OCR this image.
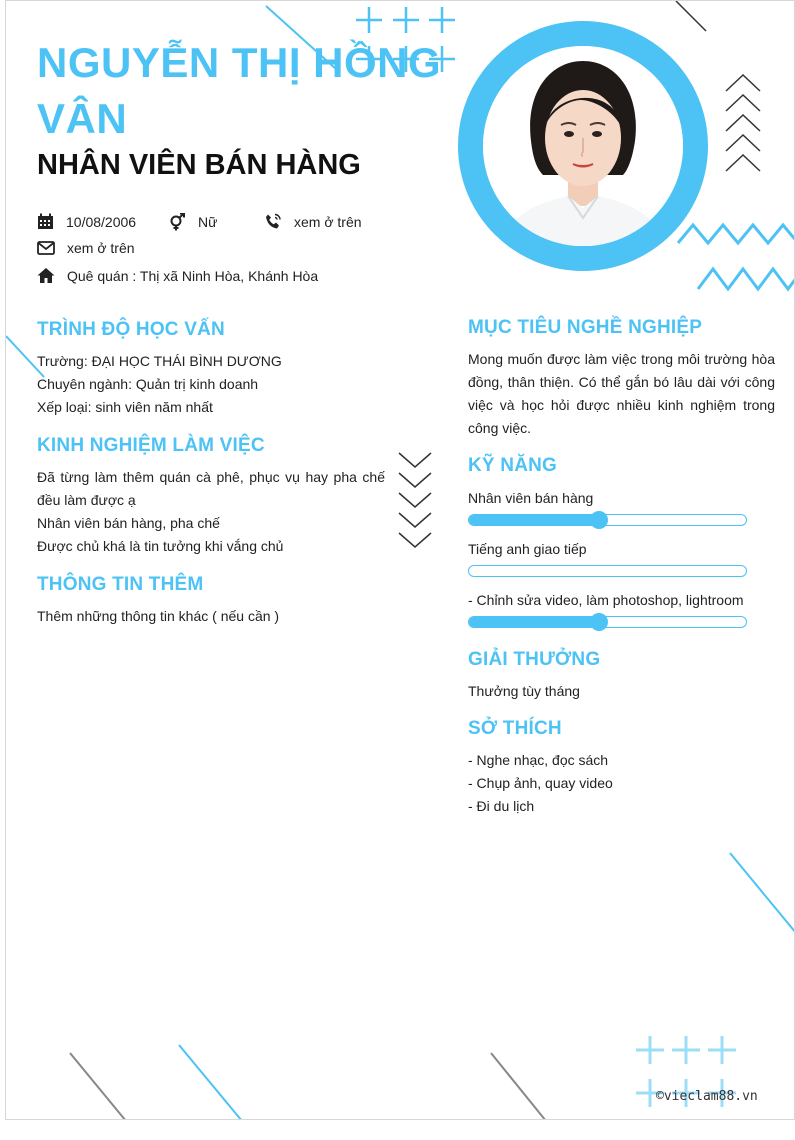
NGUYỄN THỊ HỒNG VÂN
NHÂN VIÊN BÁN HÀNG
10/08/2006	Nữ	xem ở trên
xem ở trên
Quê quán : Thị xã Ninh Hòa, Khánh Hòa
TRÌNH ĐỘ HỌC VẤN
Trường: ĐẠI HỌC THÁI BÌNH DƯƠNG
Chuyên ngành: Quản trị kinh doanh
Xếp loại: sinh viên năm nhất
KINH NGHIỆM LÀM VIỆC
Đã từng làm thêm quán cà phê, phục vụ hay pha chế đều làm được ạ
Nhân viên bán hàng, pha chế
Được chủ khá là tin tưởng khi vắng chủ
THÔNG TIN THÊM
Thêm những thông tin khác ( nếu cần )
MỤC TIÊU NGHỀ NGHIỆP
Mong muốn được làm việc trong môi trường hòa đồng, thân thiện. Có thể gắn bó lâu dài với công việc và học hỏi được nhiều kinh nghiệm trong công việc.
KỸ NĂNG
Nhân viên bán hàng
Tiếng anh giao tiếp
- Chỉnh sửa video, làm photoshop, lightroom
GIẢI THƯỞNG
Thưởng tùy tháng
SỞ THÍCH
- Nghe nhạc, đọc sách
- Chụp ảnh, quay video
- Đi du lịch
©vieclam88.vn
